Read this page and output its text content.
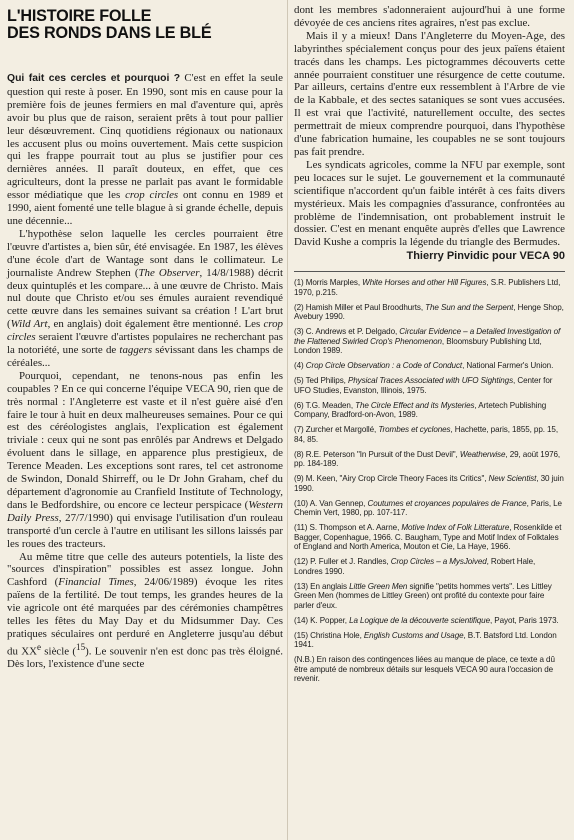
L'HISTOIRE FOLLE
DES RONDS DANS LE BLÉ

Qui fait ces cercles et pourquoi ? C'est en effet la seule question qui reste à poser. En 1990, sont mis en cause pour la première fois de jeunes fermiers en mal d'aventure qui, après avoir bu plus que de raison, seraient prêts à tout pour pallier leur désœuvrement. Cinq quotidiens régionaux ou nationaux les accusent plus ou moins ouvertement. Mais cette suspicion qui les frappe pourrait tout au plus se justifier pour ces dernières années. Il paraît douteux, en effet, que ces agriculteurs, dont la presse ne parlait pas avant le formidable essor médiatique que les crop circles ont connu en 1989 et 1990, aient fomenté une telle blague à si grande échelle, depuis une décennie...

L'hypothèse selon laquelle les cercles pourraient être l'œuvre d'artistes a, bien sûr, été envisagée. En 1987, les élèves d'une école d'art de Wantage sont dans le collimateur. Le journaliste Andrew Stephen (The Observer, 14/8/1988) décrit deux quintuplés et les compare... à une œuvre de Christo. Mais nul doute que Christo et/ou ses émules auraient revendiqué cette œuvre dans les semaines suivant sa création ! L'art brut (Wild Art, en anglais) doit également être mentionné. Les crop circles seraient l'œuvre d'artistes populaires ne recherchant pas la notoriété, une sorte de taggers sévissant dans les champs de céréales...

Pourquoi, cependant, ne tenons-nous pas enfin les coupables ? En ce qui concerne l'équipe VECA 90, rien que de très normal : l'Angleterre est vaste et il n'est guère aisé d'en faire le tour à huit en deux malheureuses semaines. Pour ce qui est des céréologistes anglais, l'explication est également triviale : ceux qui ne sont pas enrôlés par Andrews et Delgado évoluent dans le sillage, en apparence plus prestigieux, de Terence Meaden. Les exceptions sont rares, tel cet astronome de Swindon, Donald Shirreff, ou le Dr John Graham, chef du département d'agronomie au Cranfield Institute of Technology, dans le Bedfordshire, ou encore ce lecteur perspicace (Western Daily Press, 27/7/1990) qui envisage l'utilisation d'un rouleau transporté d'un cercle à l'autre en utilisant les sillons laissés par les roues des tracteurs.

Au même titre que celle des auteurs potentiels, la liste des "sources d'inspiration" possibles est assez longue. John Cashford (Financial Times, 24/06/1989) évoque les rites païens de la fertilité. De tout temps, les grandes heures de la vie agricole ont été marquées par des cérémonies champêtres telles les fêtes du May Day et du Midsummer Day. Ces pratiques séculaires ont perduré en Angleterre jusqu'au début du XXe siècle ($^{15}$). Le souvenir n'en est donc pas très éloigné. Dès lors, l'existence d'une secte

dont les membres s'adonneraient aujourd'hui à une forme dévoyée de ces anciens rites agraires, n'est pas exclue.

Mais il y a mieux! Dans l'Angleterre du Moyen-Age, des labyrinthes spécialement conçus pour des jeux païens étaient tracés dans les champs. Les pictogrammes découverts cette année pourraient constituer une résurgence de cette coutume. Par ailleurs, certains d'entre eux ressemblent à l'Arbre de vie de la Kabbale, et des sectes sataniques se sont vues accusées. Il est vrai que l'activité, naturellement occulte, des sectes permettrait de mieux comprendre pourquoi, dans l'hypothèse d'une fabrication humaine, les coupables ne se sont toujours pas fait prendre.

Les syndicats agricoles, comme la NFU par exemple, sont peu locaces sur le sujet. Le gouvernement et la communauté scientifique n'accordent qu'un faible intérêt à ces faits divers mystérieux. Mais les compagnies d'assurance, confrontées au problème de l'indemnisation, ont probablement instruit le dossier. C'est en menant enquête auprès d'elles que Lawrence David Kushe a compris la légende du triangle des Bermudes.

Thierry Pinvidic pour VECA 90

(1) Morris Marples, White Horses and other Hill Figures, S.R. Publishers Ltd, 1970, p.215.
(2) Hamish Miller et Paul Broodhurts, The Sun and the Serpent, Henge Shop, Avebury 1990.
(3) C. Andrews et P. Delgado, Circular Evidence – a Detailed Investigation of the Flattened Swirled Crop's Phenomenon, Bloomsbury Publishing Ltd, London 1989.
(4) Crop Circle Observation : a Code of Conduct, National Farmer's Union.
(5) Ted Philips, Physical Traces Associated with UFO Sightings, Center for UFO Studies, Evanston, Illinois, 1975.
(6) T.G. Meaden, The Circle Effect and its Mysteries, Artetech Publishing Company, Bradford-on-Avon, 1989.
(7) Zurcher et Margollé, Trombes et cyclones, Hachette, paris, 1855, pp. 15, 84, 85.
(8) R.E. Peterson "In Pursuit of the Dust Devil", Weatherwise, 29, aoüt 1976, pp. 184-189.
(9) M. Keen, "Airy Crop Circle Theory Faces its Critics", New Scientist, 30 juin 1990.
(10) A. Van Gennep, Coutumes et croyances populaires de France, Paris, Le Chemin Vert, 1980, pp. 107-117.
(11) S. Thompson et A. Aarne, Motive Index of Folk Litterature, Rosenkilde et Bagger, Copenhague, 1966. C. Baugham, Type and Motif Index of Folktales of England and North America, Mouton et Cie, La Haye, 1966.
(12) P. Fuller et J. Randles, Crop Circles – a MysJoived, Robert Hale, Londres 1990.
(13) En anglais Little Green Men signifie "petits hommes verts". Les Littley Green Men (hommes de Littley Green) ont profité du contexte pour faire parler d'eux.
(14) K. Popper, La Logique de la découverte scientifique, Payot, Paris 1973.
(15) Christina Hole, English Customs and Usage, B.T. Batsford Ltd. London 1941.
(N.B.) En raison des contingences liées au manque de place, ce texte a dû être amputé de nombreux détails sur lesquels VECA 90 aura l'occasion de revenir.
